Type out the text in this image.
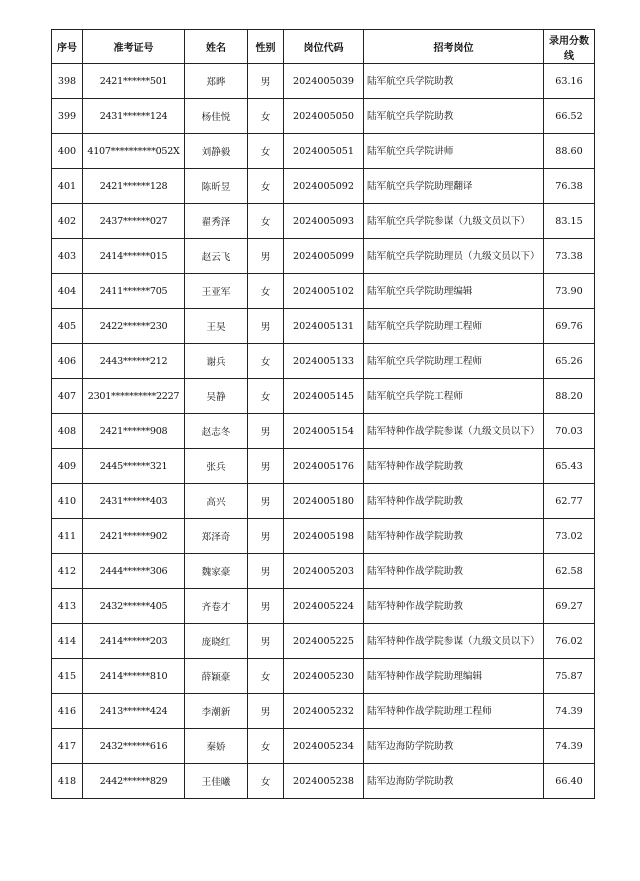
序号	准考证号	姓名	性别	岗位代码	招考岗位	录用分数线
398	2421******501	郑晔	男	2024005039	陆军航空兵学院助教	63.16
399	2431******124	杨佳悦	女	2024005050	陆军航空兵学院助教	66.52
400	4107**********052X	刘静毅	女	2024005051	陆军航空兵学院讲师	88.60
401	2421******128	陈昕昱	女	2024005092	陆军航空兵学院助理翻译	76.38
402	2437******027	翟秀泽	女	2024005093	陆军航空兵学院参谋（九级文员以下）	83.15
403	2414******015	赵云飞	男	2024005099	陆军航空兵学院助理员（九级文员以下）	73.38
404	2411******705	王亚军	女	2024005102	陆军航空兵学院助理编辑	73.90
405	2422******230	王昊	男	2024005131	陆军航空兵学院助理工程师	69.76
406	2443******212	谢兵	女	2024005133	陆军航空兵学院助理工程师	65.26
407	2301**********2227	吴静	女	2024005145	陆军航空兵学院工程师	88.20
408	2421******908	赵志冬	男	2024005154	陆军特种作战学院参谋（九级文员以下）	70.03
409	2445******321	张兵	男	2024005176	陆军特种作战学院助教	65.43
410	2431******403	高兴	男	2024005180	陆军特种作战学院助教	62.77
411	2421******902	郑泽奇	男	2024005198	陆军特种作战学院助教	73.02
412	2444******306	魏家豪	男	2024005203	陆军特种作战学院助教	62.58
413	2432******405	齐卷才	男	2024005224	陆军特种作战学院助教	69.27
414	2414******203	庞晓红	男	2024005225	陆军特种作战学院参谋（九级文员以下）	76.02
415	2414******810	薛颖豪	女	2024005230	陆军特种作战学院助理编辑	75.87
416	2413******424	李潮新	男	2024005232	陆军特种作战学院助理工程师	74.39
417	2432******616	秦娇	女	2024005234	陆军边海防学院助教	74.39
418	2442******829	王佳曦	女	2024005238	陆军边海防学院助教	66.40
